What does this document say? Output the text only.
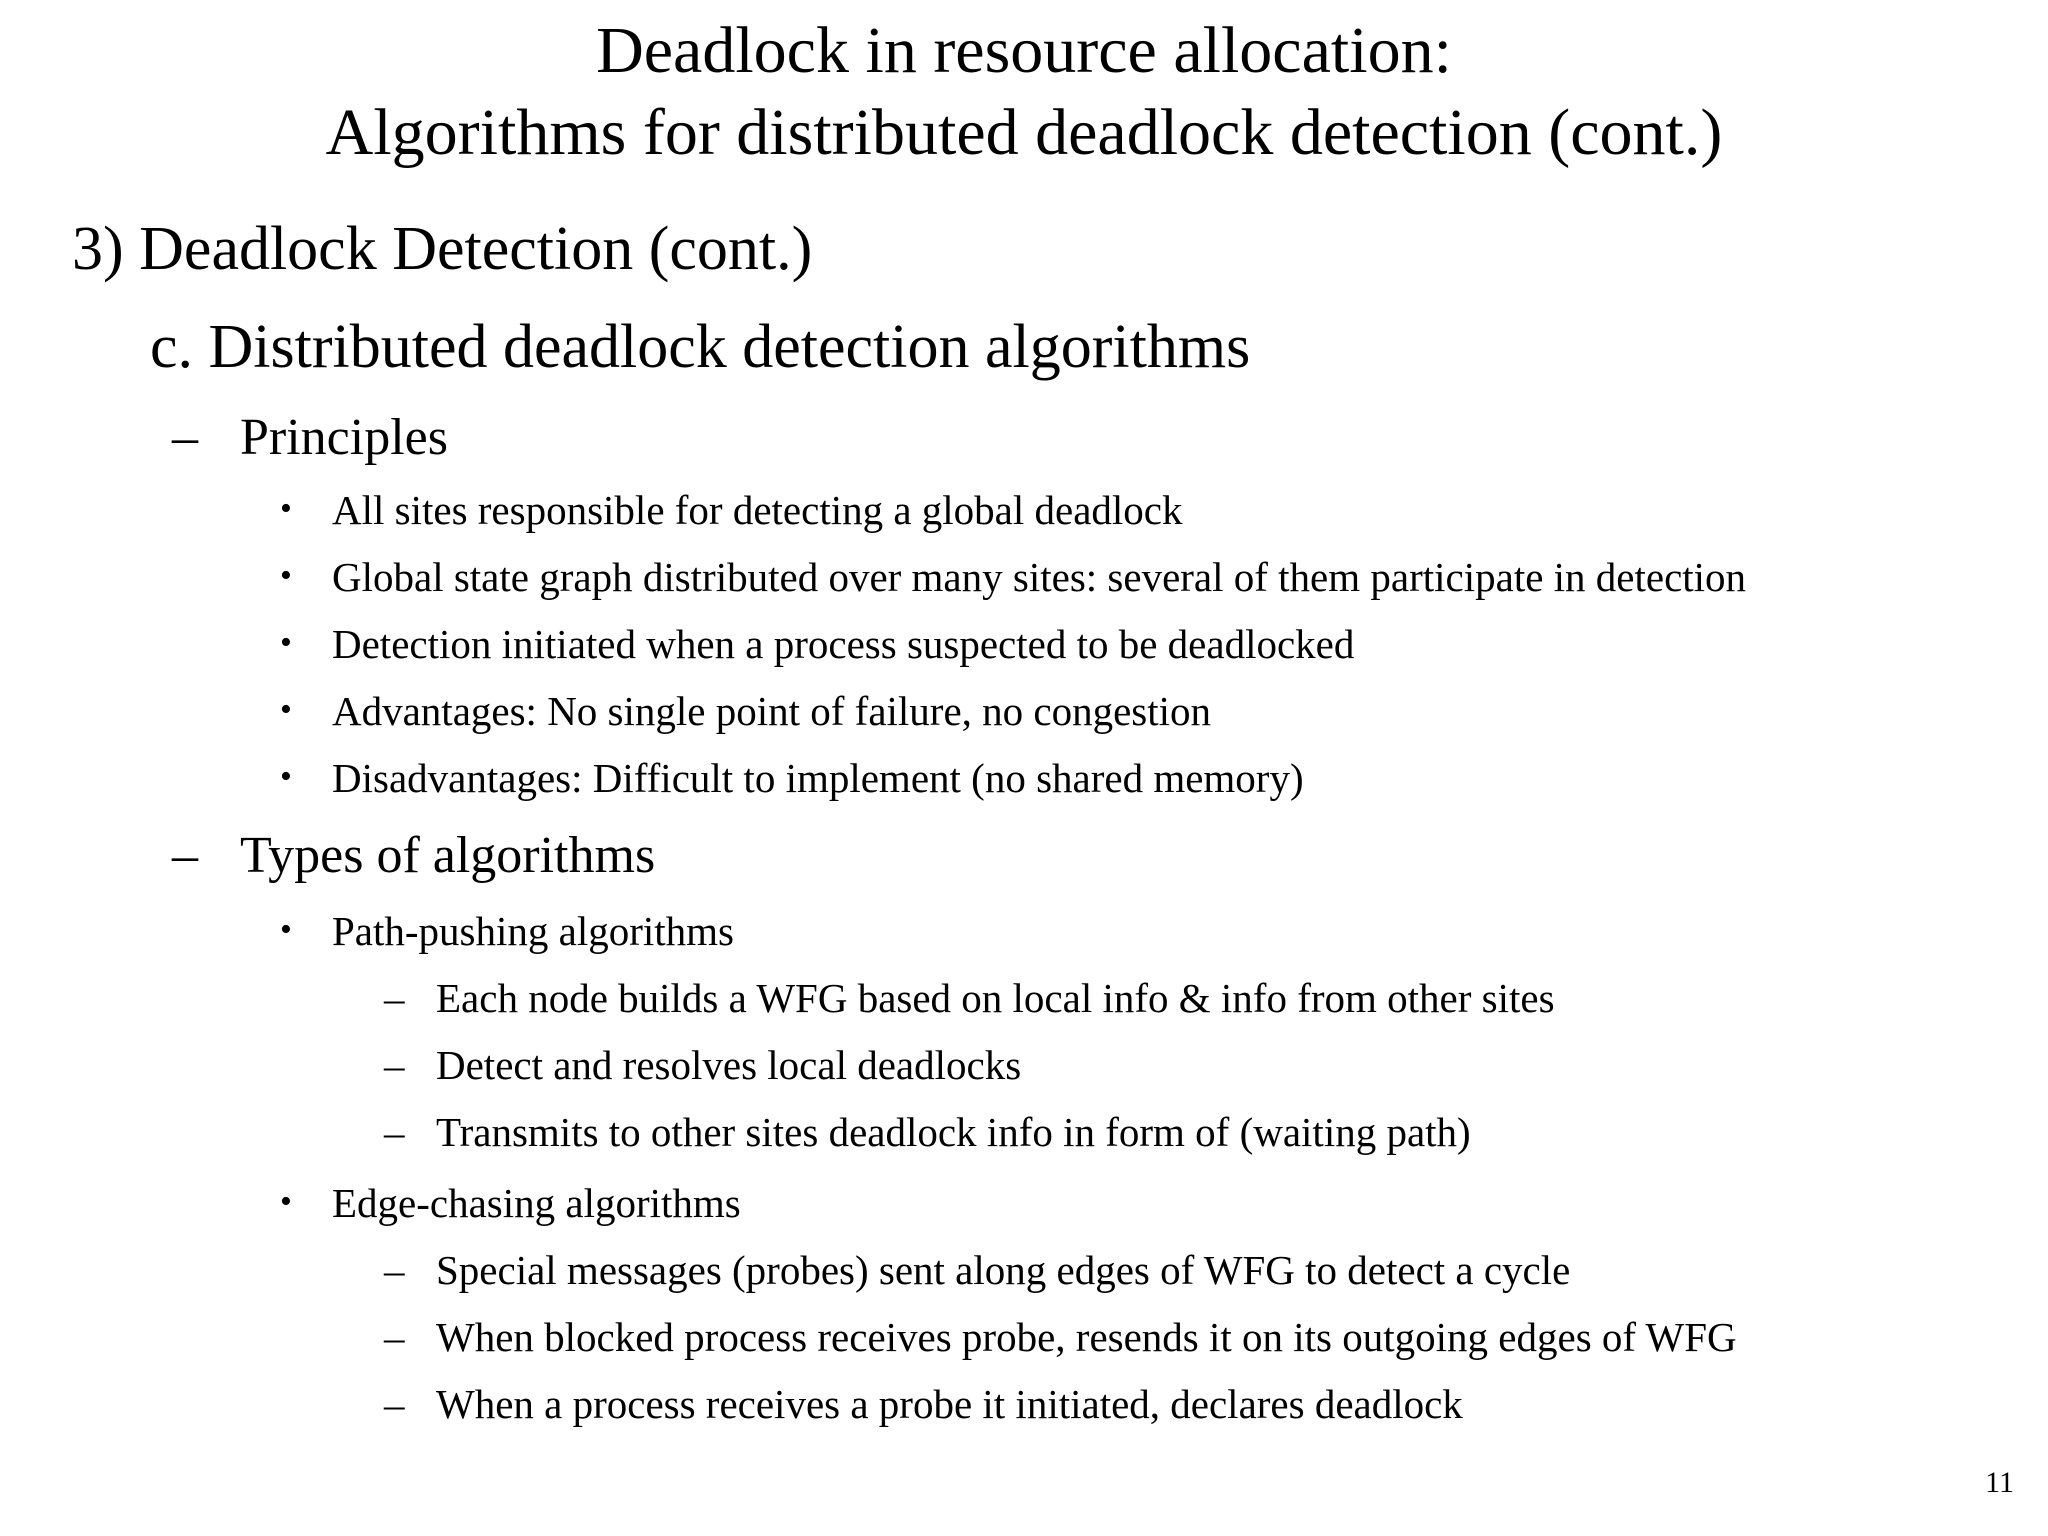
Deadlock in resource allocation:
Algorithms for distributed deadlock detection (cont.)
3) Deadlock Detection (cont.)
c. Distributed deadlock detection algorithms
– Principles
• All sites responsible for detecting a global deadlock
• Global state graph distributed over many sites: several of them participate in detection
• Detection initiated when a process suspected to be deadlocked
• Advantages: No single point of failure, no congestion
• Disadvantages: Difficult to implement (no shared memory)
– Types of algorithms
• Path-pushing algorithms
– Each node builds a WFG based on local info & info from other sites
– Detect and resolves local deadlocks
– Transmits to other sites deadlock info in form of (waiting path)
• Edge-chasing algorithms
– Special messages (probes) sent along edges of WFG to detect a cycle
– When blocked process receives probe, resends it on its outgoing edges of WFG
– When a process receives a probe it initiated, declares deadlock
11
